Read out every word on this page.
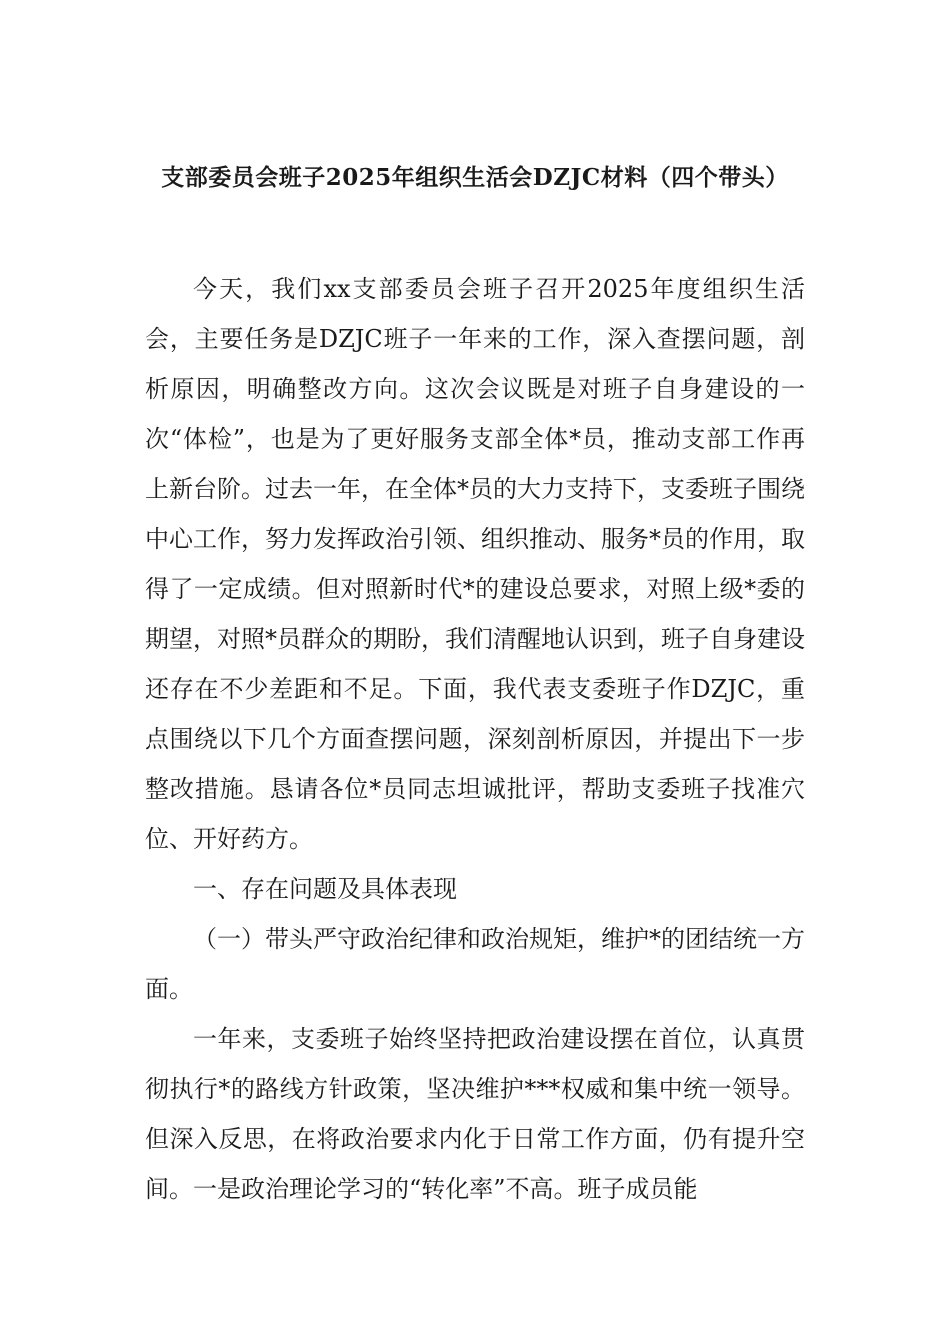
支部委员会班子2025年组织生活会DZJC材料（四个带头）

今天，我们xx支部委员会班子召开2025年度组织生活会，主要任务是DZJC班子一年来的工作，深入查摆问题，剖析原因，明确整改方向。这次会议既是对班子自身建设的一次“体检”，也是为了更好服务支部全体*员，推动支部工作再上新台阶。过去一年，在全体*员的大力支持下，支委班子围绕中心工作，努力发挥政治引领、组织推动、服务*员的作用，取得了一定成绩。但对照新时代*的建设总要求，对照上级*委的期望，对照*员群众的期盼，我们清醒地认识到，班子自身建设还存在不少差距和不足。下面，我代表支委班子作DZJC，重点围绕以下几个方面查摆问题，深刻剖析原因，并提出下一步整改措施。恳请各位*员同志坦诚批评，帮助支委班子找准穴位、开好药方。

一、存在问题及具体表现

（一）带头严守政治纪律和政治规矩，维护*的团结统一方面。

一年来，支委班子始终坚持把政治建设摆在首位，认真贯彻执行*的路线方针政策，坚决维护***权威和集中统一领导。但深入反思，在将政治要求内化于日常工作方面，仍有提升空间。一是政治理论学习的“转化率”不高。班子成员能
